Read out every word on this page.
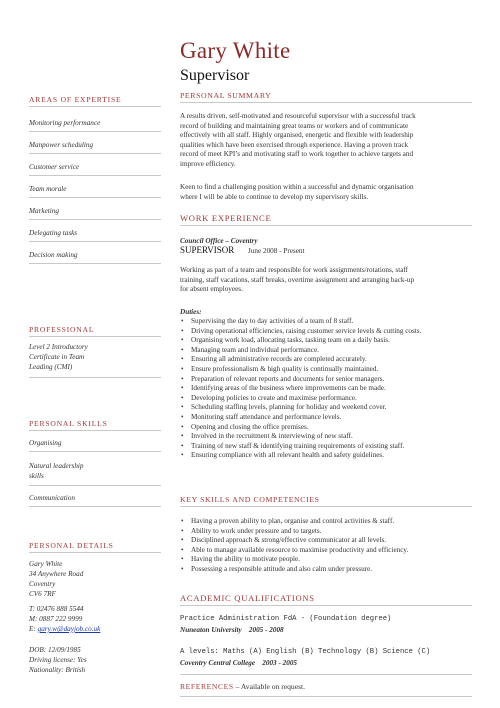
Gary White
Supervisor
AREAS OF EXPERTISE
Monitoring performance
Manpower scheduling
Customer service
Team morale
Marketing
Delegating tasks
Decision making
PROFESSIONAL
Level 2 Introductory
Certificate in Team
Leading (CMI)
PERSONAL SKILLS
Organising
Natural leadership
skills
Communication
PERSONAL DETAILS
Gary White
34 Anywhere Road
Coventry
CV6 7RF
T: 02476 888 5544
M: 0887 222 9999
E: gary.w@dayjob.co.uk
DOB: 12/09/1985
Driving license: Yes
Nationality: British
PERSONAL SUMMARY
A results driven, self-motivated and resourceful supervisor with a successful track
record of building and maintaining great teams or workers and of communicate
effectively with all staff. Highly organised, energetic and flexible with leadership
qualities which have been exercised through experience. Having a proven track
record of meet KPI’s and motivating staff to work together to achieve targets and
improve efficiency.
Keen to find a challenging position within a successful and dynamic organisation
where I will be able to continue to develop my supervisory skills.
WORK EXPERIENCE
Council Office – Coventry
SUPERVISOR June 2008 - Present
Working as part of a team and responsible for work assignments/rotations, staff
training, staff vacations, staff breaks, overtime assignment and arranging back-up
for absent employees.
Duties:
• Supervising the day to day activities of a team of 8 staff.
• Driving operational efficiencies, raising customer service levels & cutting costs.
• Organising work load, allocating tasks, tasking team on a daily basis.
• Managing team and individual performance.
• Ensuring all administrative records are completed accurately.
• Ensure professionalism & high quality is continually maintained.
• Preparation of relevant reports and documents for senior managers.
• Identifying areas of the business where improvements can be made.
• Developing policies to create and maximise performance.
• Scheduling staffing levels, planning for holiday and weekend cover.
• Monitoring staff attendance and performance levels.
• Opening and closing the office premises.
• Involved in the recruitment & interviewing of new staff.
• Training of new staff & identifying training requirements of existing staff.
• Ensuring compliance with all relevant health and safety guidelines.
KEY SKILLS AND COMPETENCIES
• Having a proven ability to plan, organise and control activities & staff.
• Ability to work under pressure and to targets.
• Disciplined approach & strong/effective communicator at all levels.
• Able to manage available resource to maximise productivity and efficiency.
• Having the ability to motivate people.
• Possessing a responsible attitude and also calm under pressure.
ACADEMIC QUALIFICATIONS
Practice Administration FdA - (Foundation degree)
Nuneaton University 2005 - 2008
A levels: Maths (A) English (B) Technology (B) Science (C)
Coventry Central College 2003 - 2005
REFERENCES – Available on request.
